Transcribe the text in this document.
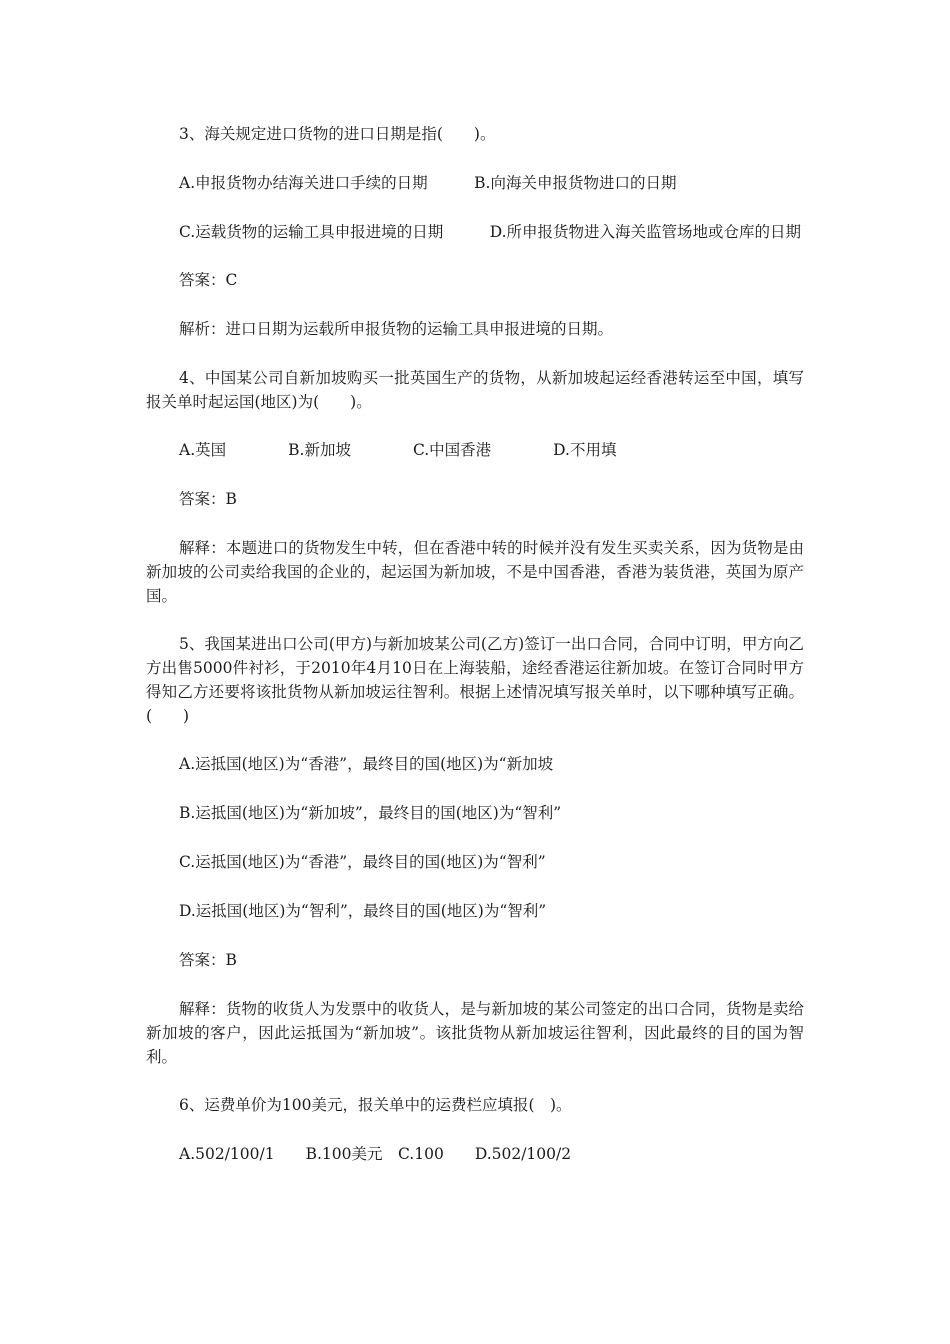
3、海关规定进口货物的进口日期是指(　　)。

A.申报货物办结海关进口手续的日期　　　B.向海关申报货物进口的日期

C.运载货物的运输工具申报进境的日期　　　D.所申报货物进入海关监管场地或仓库的日期

答案：C

解析：进口日期为运载所申报货物的运输工具申报进境的日期。

4、中国某公司自新加坡购买一批英国生产的货物，从新加坡起运经香港转运至中国，填写报关单时起运国(地区)为(　　)。

A.英国　　　　B.新加坡　　　　C.中国香港　　　　D.不用填

答案：B

解释：本题进口的货物发生中转，但在香港中转的时候并没有发生买卖关系，因为货物是由新加坡的公司卖给我国的企业的，起运国为新加坡，不是中国香港，香港为装货港，英国为原产国。

5、我国某进出口公司(甲方)与新加坡某公司(乙方)签订一出口合同，合同中订明，甲方向乙方出售5000件衬衫，于2010年4月10日在上海装船，途经香港运往新加坡。在签订合同时甲方得知乙方还要将该批货物从新加坡运往智利。根据上述情况填写报关单时，以下哪种填写正确。(　　)

A.运抵国(地区)为“香港”，最终目的国(地区)为“新加坡

B.运抵国(地区)为“新加坡”，最终目的国(地区)为“智利”

C.运抵国(地区)为“香港”，最终目的国(地区)为“智利”

D.运抵国(地区)为“智利”，最终目的国(地区)为“智利”

答案：B

解释：货物的收货人为发票中的收货人，是与新加坡的某公司签定的出口合同，货物是卖给新加坡的客户，因此运抵国为“新加坡”。该批货物从新加坡运往智利，因此最终的目的国为智利。

6、运费单价为100美元，报关单中的运费栏应填报(　)。

A.502/100/1　　B.100美元　C.100　　D.502/100/2
